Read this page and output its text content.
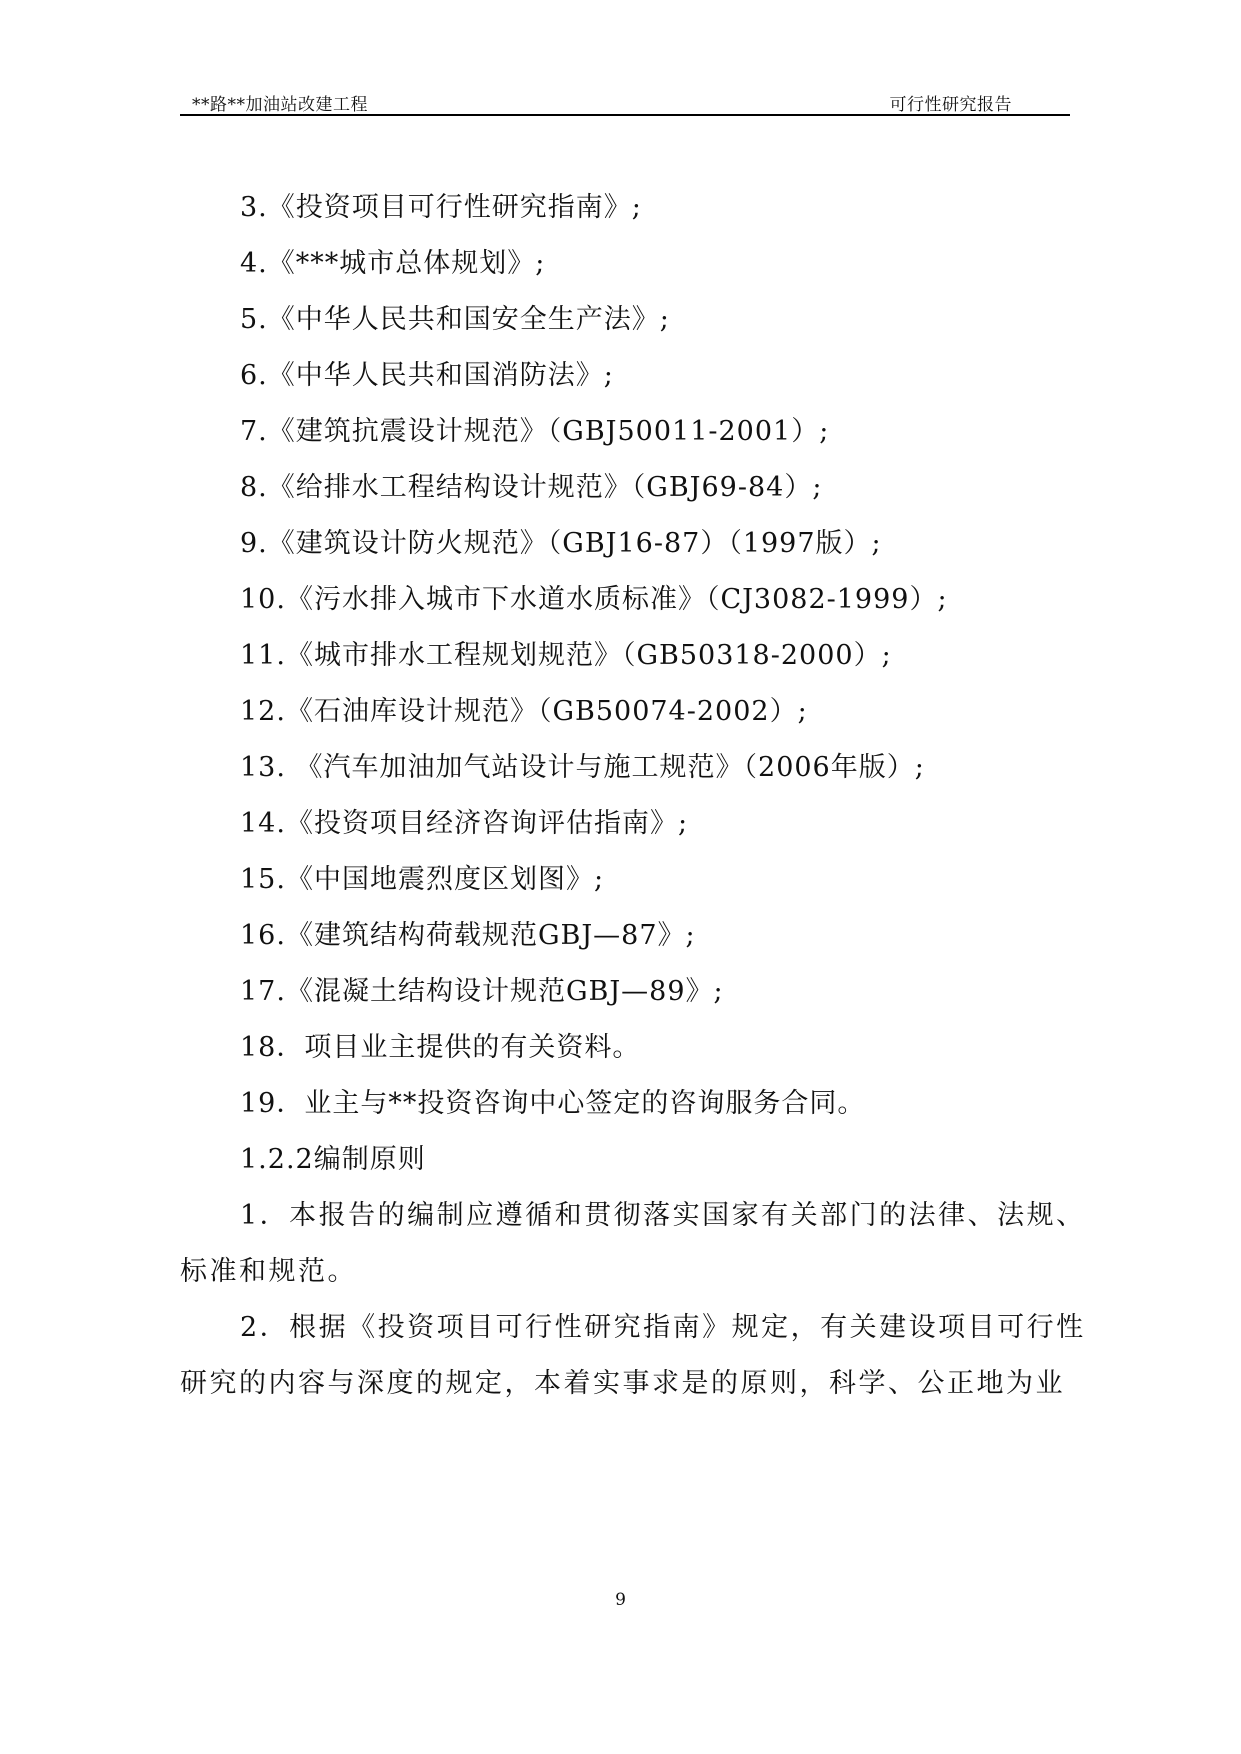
**路**加油站改建工程	可行性研究报告
3.《投资项目可行性研究指南》;
4.《***城市总体规划》;
5.《中华人民共和国安全生产法》;
6.《中华人民共和国消防法》;
7.《建筑抗震设计规范》（GBJ50011-2001）;
8.《给排水工程结构设计规范》（GBJ69-84）;
9.《建筑设计防火规范》（GBJ16-87）（1997版）;
10.《污水排入城市下水道水质标准》（CJ3082-1999）;
11.《城市排水工程规划规范》（GB50318-2000）;
12.《石油库设计规范》（GB50074-2002）;
13. 《汽车加油加气站设计与施工规范》（2006年版）;
14.《投资项目经济咨询评估指南》;
15.《中国地震烈度区划图》;
16.《建筑结构荷载规范GBJ—87》;
17.《混凝土结构设计规范GBJ—89》;
18．项目业主提供的有关资料。
19．业主与**投资咨询中心签定的咨询服务合同。
1.2.2编制原则
1．本报告的编制应遵循和贯彻落实国家有关部门的法律、法规、
标准和规范。
2．根据《投资项目可行性研究指南》规定，有关建设项目可行性
研究的内容与深度的规定，本着实事求是的原则，科学、公正地为业
9
